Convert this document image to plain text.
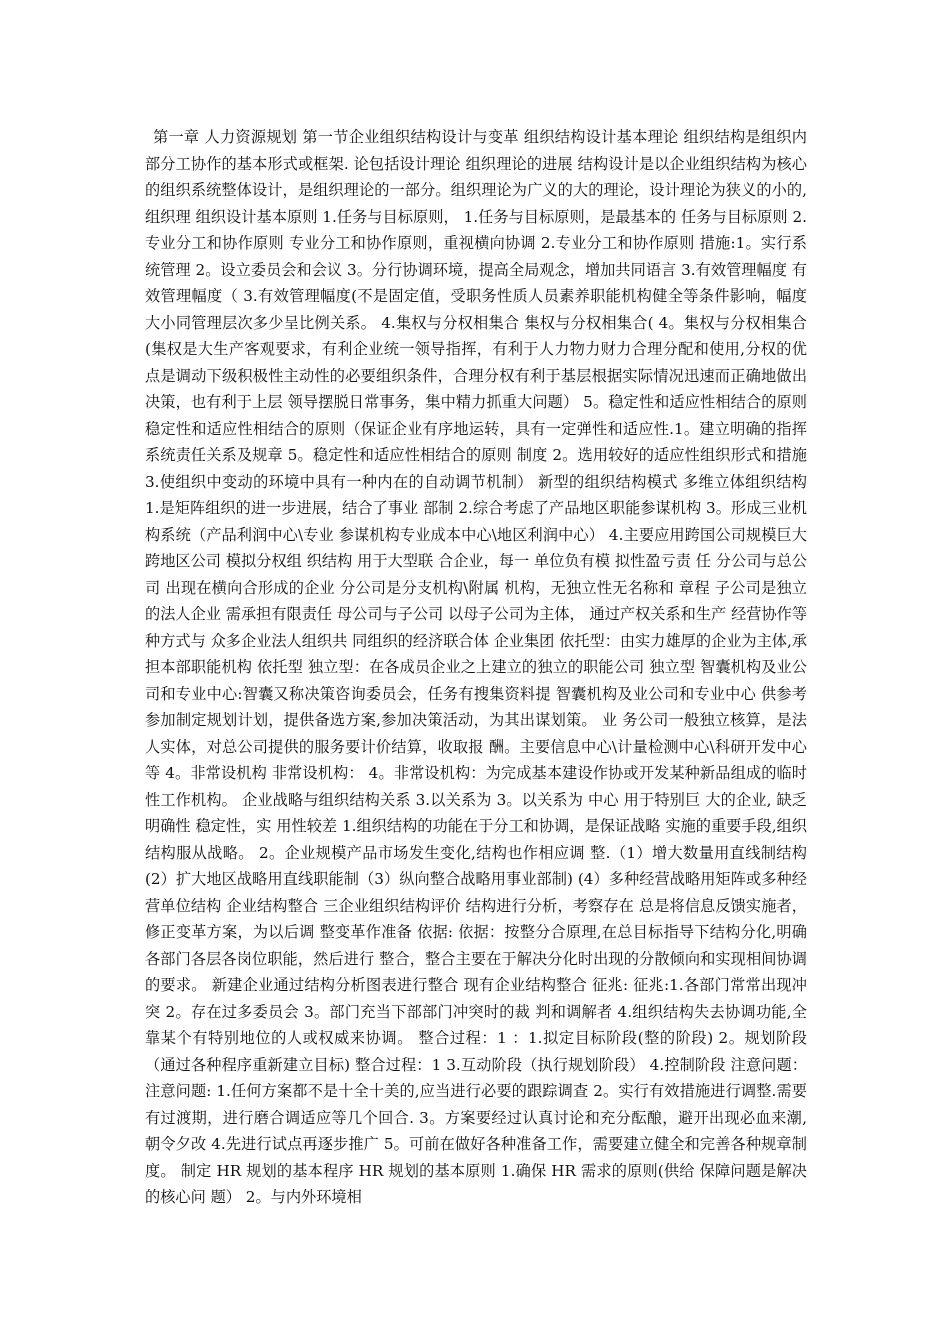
第一章 人力资源规划 第一节企业组织结构设计与变革 组织结构设计基本理论 组织结构是组织内部分工协作的基本形式或框架. 论包括设计理论 组织理论的进展 结构设计是以企业组织结构为核心的组织系统整体设计，是组织理论的一部分。组织理论为广义的大的理论，设计理论为狭义的小的,组织理 组织设计基本原则 1.任务与目标原则， 1.任务与目标原则，是最基本的 任务与目标原则 2.专业分工和协作原则 专业分工和协作原则，重视横向协调 2.专业分工和协作原则 措施:1。实行系统管理 2。设立委员会和会议 3。分行协调环境，提高全局观念，增加共同语言 3.有效管理幅度 有效管理幅度（ 3.有效管理幅度(不是固定值，受职务性质人员素养职能机构健全等条件影响，幅度大小同管理层次多少呈比例关系。 4.集权与分权相集合 集权与分权相集合( 4。集权与分权相集合(集权是大生产客观要求，有利企业统一领导指挥，有利于人力物力财力合理分配和使用,分权的优 点是调动下级积极性主动性的必要组织条件，合理分权有利于基层根据实际情况迅速而正确地做出决策，也有利于上层 领导摆脱日常事务，集中精力抓重大问题） 5。稳定性和适应性相结合的原则 稳定性和适应性相结合的原则（保证企业有序地运转，具有一定弹性和适应性.1。建立明确的指挥系统责任关系及规章 5。稳定性和适应性相结合的原则 制度 2。选用较好的适应性组织形式和措施 3.使组织中变动的环境中具有一种内在的自动调节机制） 新型的组织结构模式 多维立体组织结构 1.是矩阵组织的进一步进展，结合了事业 部制 2.综合考虑了产品地区职能参谋机构 3。形成三业机构系统（产品利润中心\专业 参谋机构专业成本中心\地区利润中心） 4.主要应用跨国公司规模巨大跨地区公司 模拟分权组 织结构 用于大型联 合企业，每一 单位负有模 拟性盈亏责 任 分公司与总公司 出现在横向合形成的企业 分公司是分支机构\附属 机构，无独立性无名称和 章程 子公司是独立的法人企业 需承担有限责任 母公司与子公司 以母子公司为主体， 通过产权关系和生产 经营协作等种方式与 众多企业法人组织共 同组织的经济联合体 企业集团 依托型：由实力雄厚的企业为主体,承担本部职能机构 依托型 独立型：在各成员企业之上建立的独立的职能公司 独立型 智囊机构及业公司和专业中心:智囊又称决策咨询委员会，任务有搜集资料提 智囊机构及业公司和专业中心 供参考参加制定规划计划，提供备选方案,参加决策活动，为其出谋划策。 业 务公司一般独立核算，是法人实体，对总公司提供的服务要计价结算，收取报 酬。主要信息中心\计量检测中心\科研开发中心等 4。非常设机构 非常设机构： 4。非常设机构：为完成基本建设作协或开发某种新品组成的临时性工作机构。 企业战略与组织结构关系 3.以关系为 3。以关系为 中心 用于特别巨 大的企业, 缺乏明确性 稳定性，实 用性较差 1.组织结构的功能在于分工和协调，是保证战略 实施的重要手段,组织结构服从战略。 2。企业规模产品市场发生变化,结构也作相应调 整.（1）增大数量用直线制结构 (2）扩大地区战略用直线职能制（3）纵向整合战略用事业部制) (4）多种经营战略用矩阵或多种经营单位结构 企业结构整合 三企业组织结构评价 结构进行分析，考察存在 总是将信息反馈实施者， 修正变革方案，为以后调 整变革作准备 依据: 依据：按整分合原理,在总目标指导下结构分化,明确各部门各层各岗位职能，然后进行 整合，整合主要在于解决分化时出现的分散倾向和实现相间协调的要求。 新建企业通过结构分析图表进行整合 现有企业结构整合 征兆: 征兆:1.各部门常常出现冲突 2。存在过多委员会 3。部门充当下部部门冲突时的裁 判和调解者 4.组织结构失去协调功能,全靠某个有特别地位的人或权威来协调。 整合过程：1 ：1.拟定目标阶段(整的阶段) 2。规划阶段（通过各种程序重新建立目标) 整合过程：1 3.互动阶段（执行规划阶段） 4.控制阶段 注意问题： 注意问题: 1.任何方案都不是十全十美的,应当进行必要的跟踪调查 2。实行有效措施进行调整.需要有过渡期，进行磨合调适应等几个回合. 3。方案要经过认真讨论和充分酝酿，避开出现必血来潮,朝令夕改 4.先进行试点再逐步推广 5。可前在做好各种准备工作，需要建立健全和完善各种规章制度。 制定 HR 规划的基本程序 HR 规划的基本原则 1.确保 HR 需求的原则(供给 保障问题是解决的核心问 题） 2。与内外环境相
